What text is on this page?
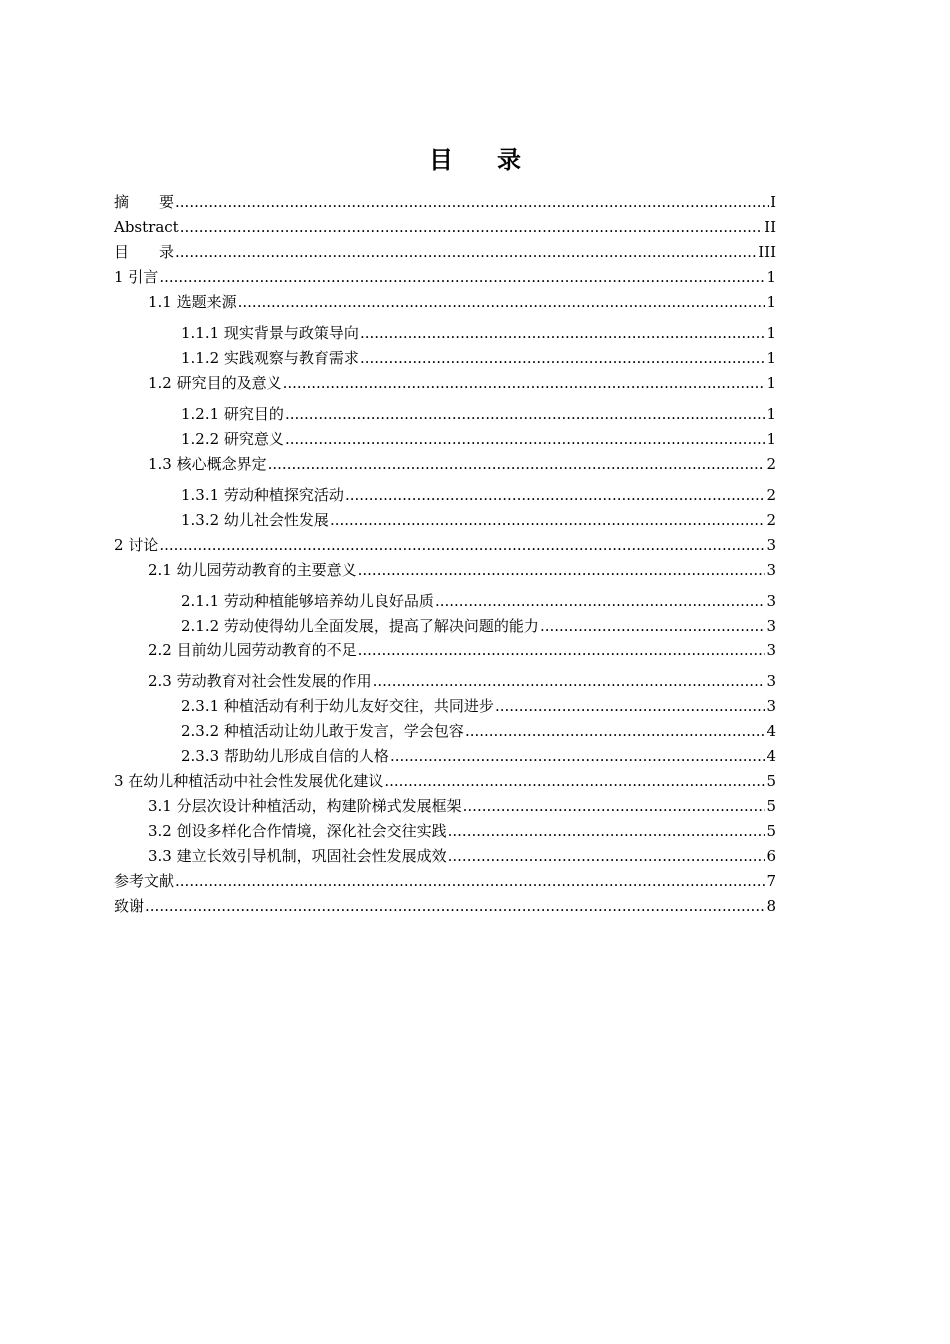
目 录
摘　　要 .....	I
Abstract .....	II
目　　录 .....	III
1 引言 .....	1
1.1 选题来源 .....	1
1.1.1 现实背景与政策导向 .....	1
1.1.2 实践观察与教育需求 .....	1
1.2 研究目的及意义 .....	1
1.2.1 研究目的 .....	1
1.2.2 研究意义 .....	1
1.3 核心概念界定 .....	2
1.3.1 劳动种植探究活动 .....	2
1.3.2 幼儿社会性发展 .....	2
2 讨论 .....	3
2.1 幼儿园劳动教育的主要意义 .....	3
2.1.1 劳动种植能够培养幼儿良好品质 .....	3
2.1.2 劳动使得幼儿全面发展，提高了解决问题的能力 .....	3
2.2 目前幼儿园劳动教育的不足 .....	3
2.3 劳动教育对社会性发展的作用 .....	3
2.3.1 种植活动有利于幼儿友好交往，共同进步 .....	3
2.3.2 种植活动让幼儿敢于发言，学会包容 .....	4
2.3.3 帮助幼儿形成自信的人格 .....	4
3 在幼儿种植活动中社会性发展优化建议 .....	5
3.1 分层次设计种植活动，构建阶梯式发展框架 .....	5
3.2 创设多样化合作情境，深化社会交往实践 .....	5
3.3 建立长效引导机制，巩固社会性发展成效 .....	6
参考文献 .....	7
致谢 .....	8
